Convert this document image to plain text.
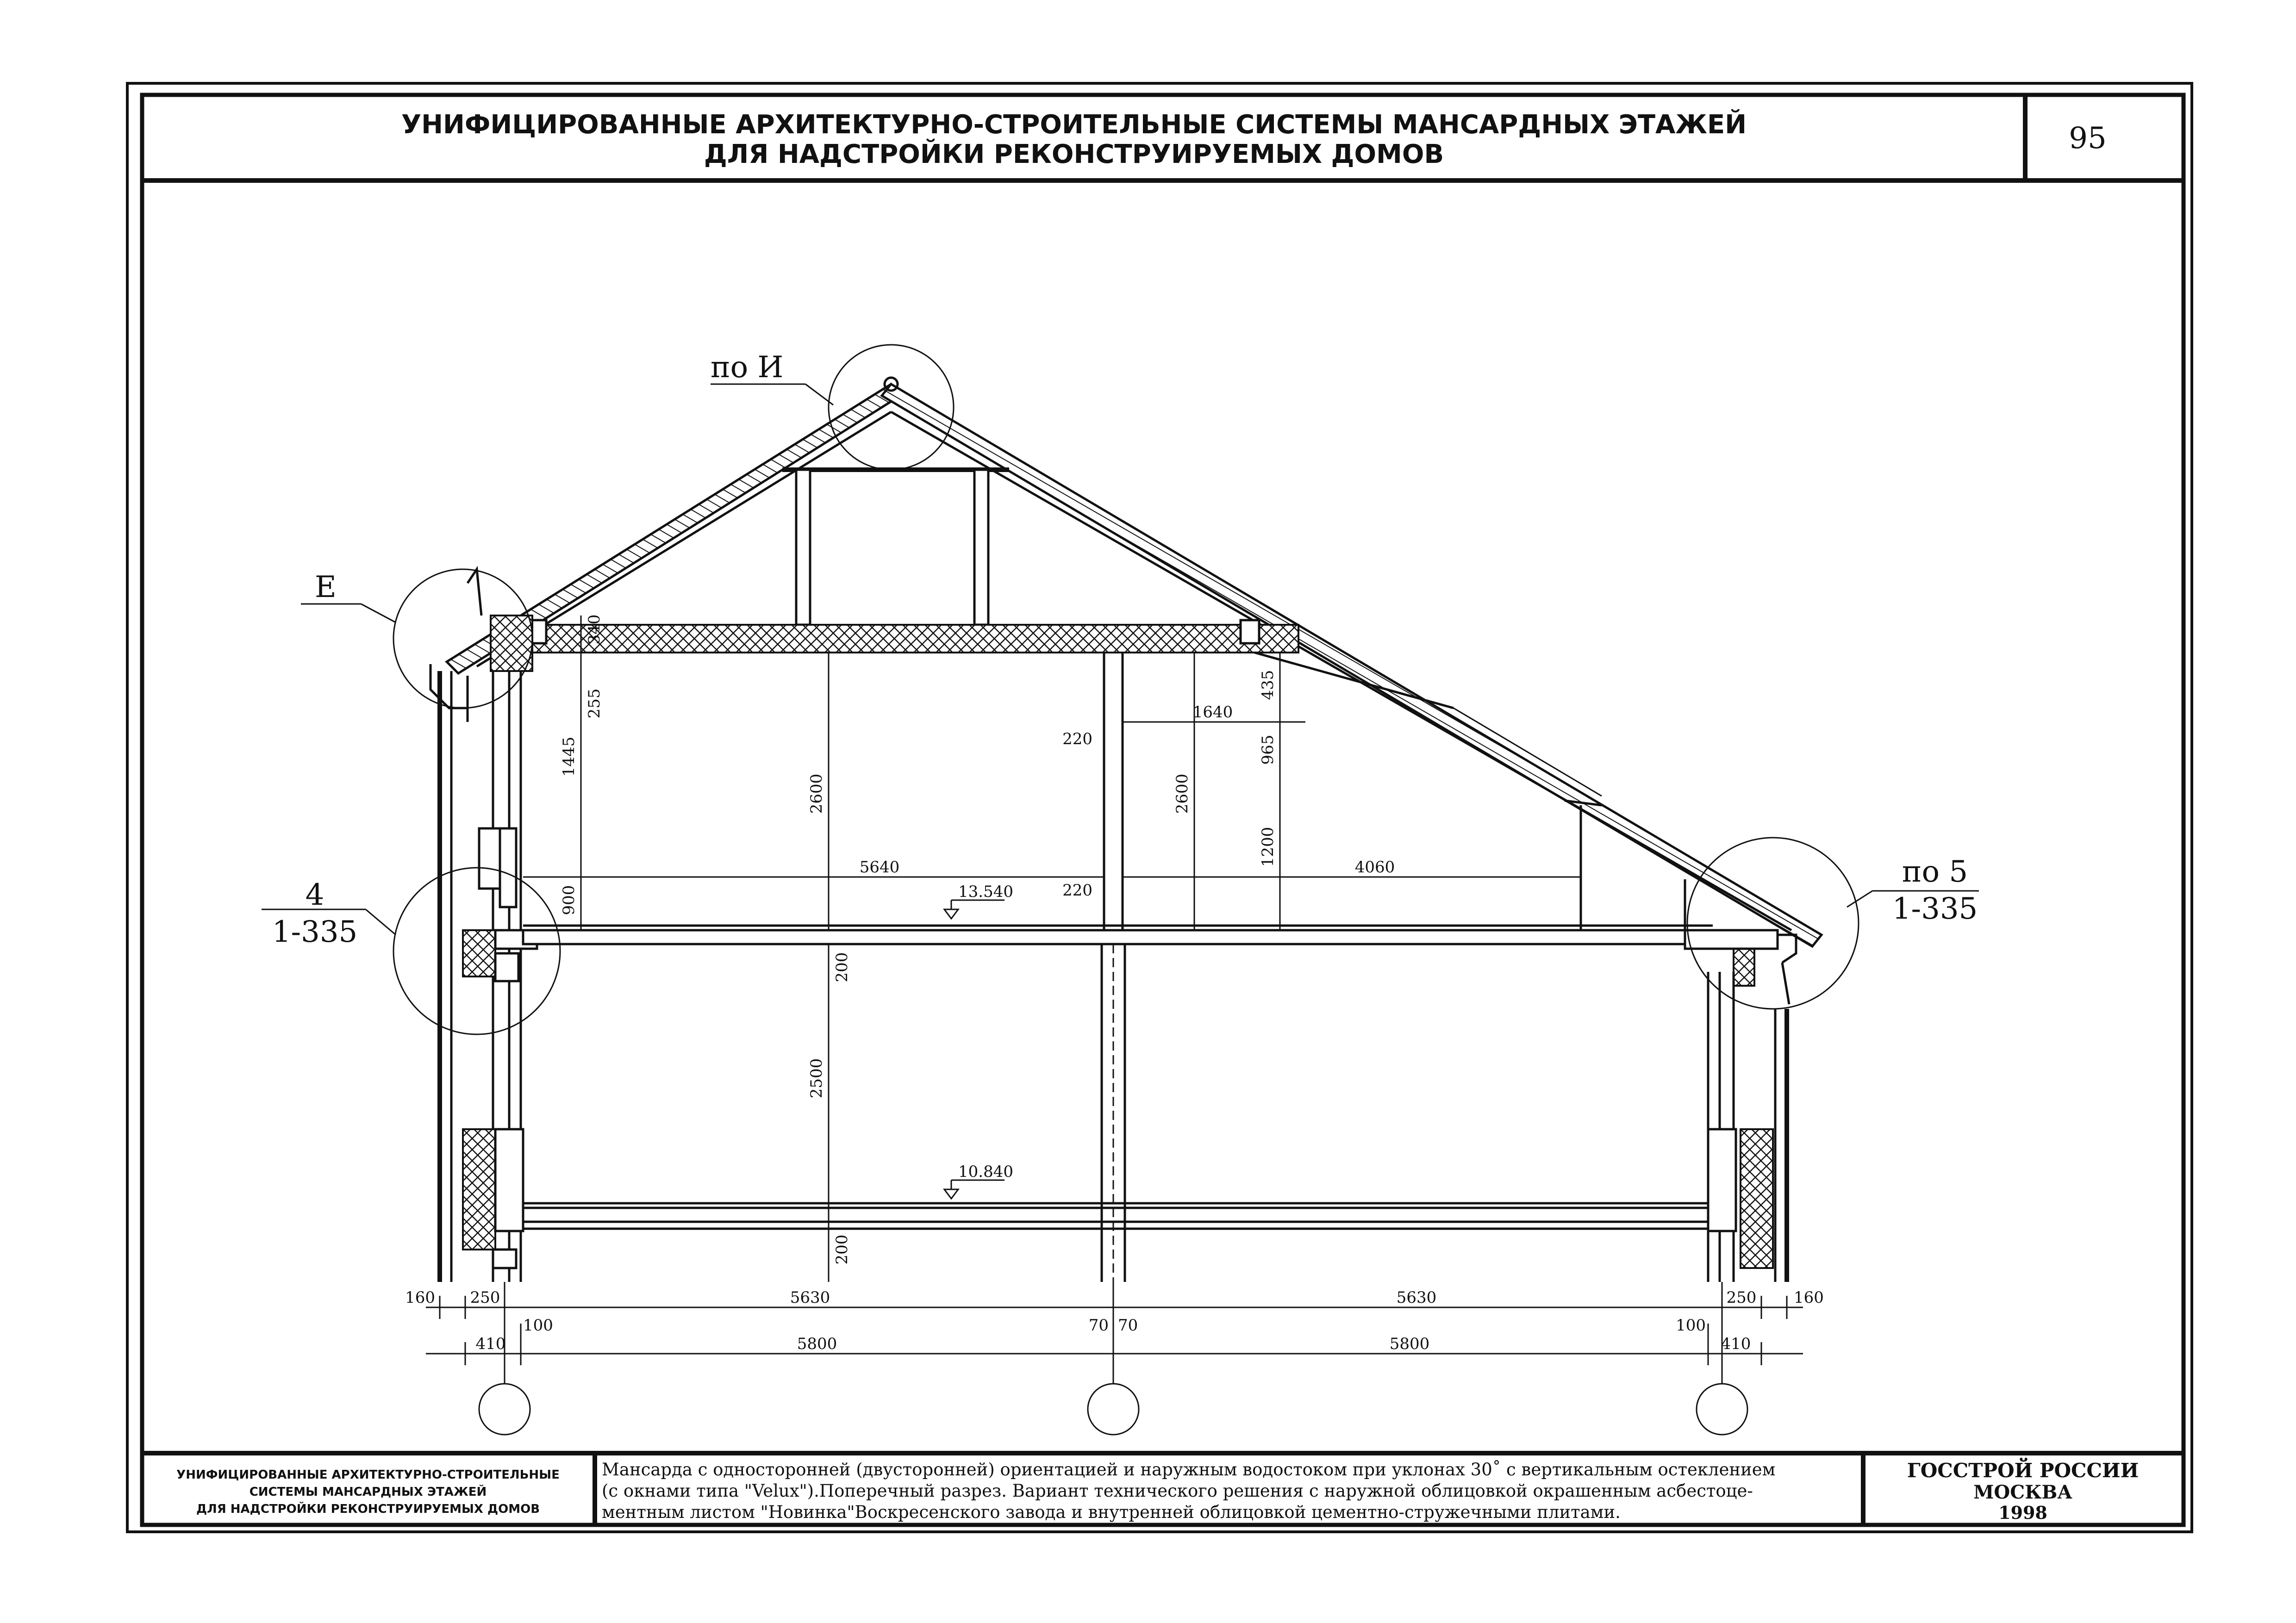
УНИФИЦИРОВАННЫЕ АРХИТЕКТУРНО-СТРОИТЕЛЬНЫЕ СИСТЕМЫ МАНСАРДНЫХ ЭТАЖЕЙ
ДЛЯ НАДСТРОЙКИ РЕКОНСТРУИРУЕМЫХ ДОМОВ	95
по И
Е
4
1-335
по 5
1-335
340
255
1445
900
2600	2600
435
965
1200
1640
220
5640	4060
220
13.540
10.840
200
2500
200
160 250	5630	5630	250 160
410
100
5800
70 70
5800
100
410
УНИФИЦИРОВАННЫЕ АРХИТЕКТУРНО-СТРОИТЕЛЬНЫЕ
СИСТЕМЫ МАНСАРДНЫХ ЭТАЖЕЙ
ДЛЯ НАДСТРОЙКИ РЕКОНСТРУИРУЕМЫХ ДОМОВ
Мансарда с односторонней (двусторонней) ориентацией и наружным водостоком при уклонах 30˚ с вертикальным остеклением
(с окнами типа "Velux").Поперечный разрез. Вариант технического решения с наружной облицовкой окрашенным асбестоце-
ментным листом "Новинка"Воскресенского завода и внутренней облицовкой цементно-стружечными плитами.
ГОССТРОЙ РОССИИ
МОСКВА
1998
